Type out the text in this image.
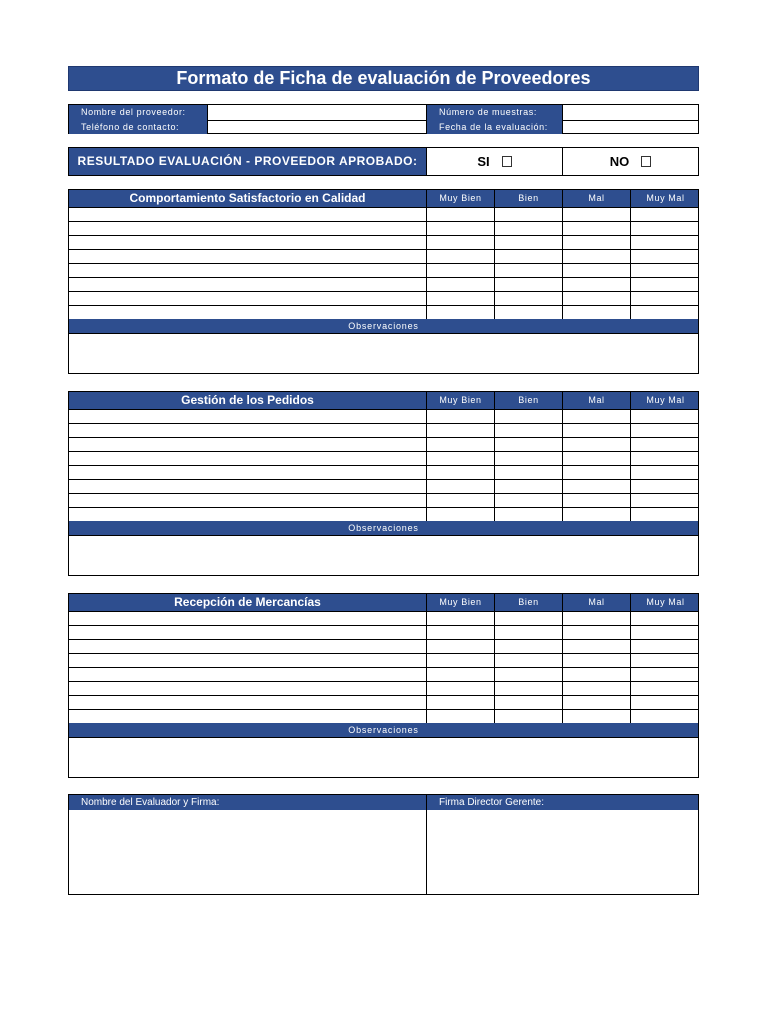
Formato de Ficha de evaluación de Proveedores
Nombre del proveedor:	Número de muestras:
Teléfono de contacto:	Fecha de la evaluación:
RESULTADO EVALUACIÓN - PROVEEDOR APROBADO:	SI	NO
Comportamiento Satisfactorio en Calidad	Muy Bien	Bien	Mal	Muy Mal
Observaciones
Gestión de los Pedidos	Muy Bien	Bien	Mal	Muy Mal
Observaciones
Recepción de Mercancías	Muy Bien	Bien	Mal	Muy Mal
Observaciones
Nombre del Evaluador y Firma:	Firma Director Gerente:
